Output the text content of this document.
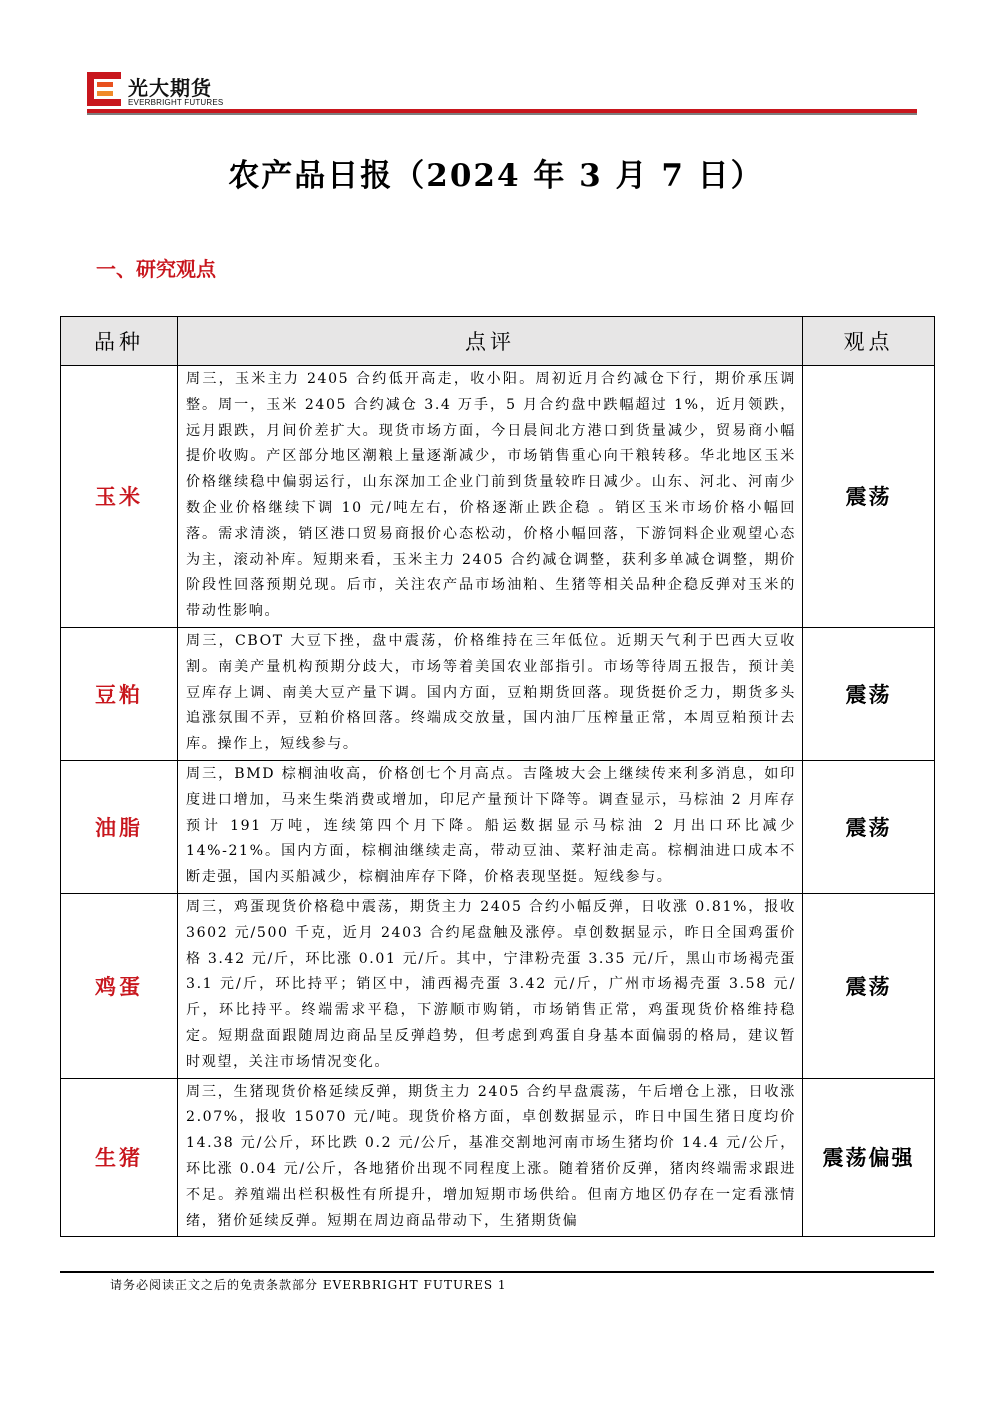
光大期货
EVERBRIGHT FUTURES
农产品日报（2024 年 3 月 7 日）
一、研究观点
品种	点评	观点
玉米	周三，玉米主力 2405 合约低开高走，收小阳。周初近月合约减仓下行，期价承压调整。周一，玉米 2405 合约减仓 3.4 万手，5 月合约盘中跌幅超过 1%，近月领跌，远月跟跌，月间价差扩大。现货市场方面，今日晨间北方港口到货量减少，贸易商小幅提价收购。产区部分地区潮粮上量逐渐减少，市场销售重心向干粮转移。华北地区玉米价格继续稳中偏弱运行，山东深加工企业门前到货量较昨日减少。山东、河北、河南少数企业价格继续下调 10 元/吨左右，价格逐渐止跌企稳 。销区玉米市场价格小幅回落。需求清淡，销区港口贸易商报价心态松动，价格小幅回落，下游饲料企业观望心态为主，滚动补库。短期来看，玉米主力 2405 合约减仓调整，获利多单减仓调整，期价阶段性回落预期兑现。后市，关注农产品市场油粕、生猪等相关品种企稳反弹对玉米的带动性影响。	震荡
豆粕	周三，CBOT 大豆下挫，盘中震荡，价格维持在三年低位。近期天气利于巴西大豆收割。南美产量机构预期分歧大，市场等着美国农业部指引。市场等待周五报告，预计美豆库存上调、南美大豆产量下调。国内方面，豆粕期货回落。现货挺价乏力，期货多头追涨氛围不弄，豆粕价格回落。终端成交放量，国内油厂压榨量正常，本周豆粕预计去库。操作上，短线参与。	震荡
油脂	周三，BMD 棕榈油收高，价格创七个月高点。吉隆坡大会上继续传来利多消息，如印度进口增加，马来生柴消费或增加，印尼产量预计下降等。调查显示，马棕油 2 月库存预计 191 万吨，连续第四个月下降。船运数据显示马棕油 2 月出口环比减少 14%-21%。国内方面，棕榈油继续走高，带动豆油、菜籽油走高。棕榈油进口成本不断走强，国内买船减少，棕榈油库存下降，价格表现坚挺。短线参与。	震荡
鸡蛋	周三，鸡蛋现货价格稳中震荡，期货主力 2405 合约小幅反弹，日收涨 0.81%，报收 3602 元/500 千克，近月 2403 合约尾盘触及涨停。卓创数据显示，昨日全国鸡蛋价格 3.42 元/斤，环比涨 0.01 元/斤。其中，宁津粉壳蛋 3.35 元/斤，黑山市场褐壳蛋 3.1 元/斤，环比持平；销区中，浦西褐壳蛋 3.42 元/斤，广州市场褐壳蛋 3.58 元/斤，环比持平。终端需求平稳，下游顺市购销，市场销售正常，鸡蛋现货价格维持稳定。短期盘面跟随周边商品呈反弹趋势，但考虑到鸡蛋自身基本面偏弱的格局，建议暂时观望，关注市场情况变化。	震荡
生猪	周三，生猪现货价格延续反弹，期货主力 2405 合约早盘震荡，午后增仓上涨，日收涨 2.07%，报收 15070 元/吨。现货价格方面，卓创数据显示，昨日中国生猪日度均价 14.38 元/公斤，环比跌 0.2 元/公斤，基准交割地河南市场生猪均价 14.4 元/公斤，环比涨 0.04 元/公斤，各地猪价出现不同程度上涨。随着猪价反弹，猪肉终端需求跟进不足。养殖端出栏积极性有所提升，增加短期市场供给。但南方地区仍存在一定看涨情绪，猪价延续反弹。短期在周边商品带动下，生猪期货偏	震荡偏强
请务必阅读正文之后的免责条款部分 EVERBRIGHT FUTURES 1
